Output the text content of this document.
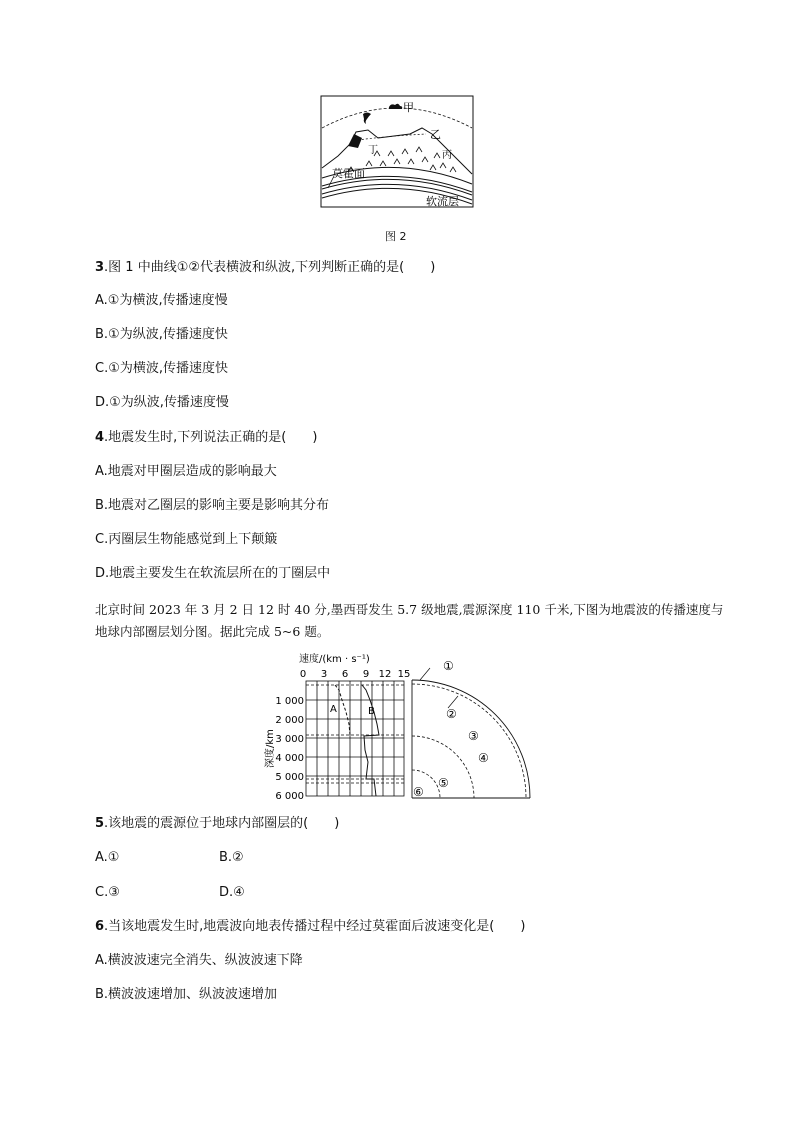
甲
乙
丙
丁
莫霍面
软流层
图 2
3.图 1 中曲线①②代表横波和纵波,下列判断正确的是(　　)
A.①为横波,传播速度慢
B.①为纵波,传播速度快
C.①为横波,传播速度快
D.①为纵波,传播速度慢
4.地震发生时,下列说法正确的是(　　)
A.地震对甲圈层造成的影响最大
B.地震对乙圈层的影响主要是影响其分布
C.丙圈层生物能感觉到上下颠簸
D.地震主要发生在软流层所在的丁圈层中
北京时间 2023 年 3 月 2 日 12 时 40 分,墨西哥发生 5.7 级地震,震源深度 110 千米,下图为地震波的传播速度与地球内部圈层划分图。据此完成 5~6 题。
速度/(km · s⁻¹)
0 3 6 9 12 15
A	B
1 000
2 000
3 000
4 000
5 000
6 000
深度/km
①
②
③
④
⑤
⑥
5.该地震的震源位于地球内部圈层的(　　)
A.①	B.②
C.③	D.④
6.当该地震发生时,地震波向地表传播过程中经过莫霍面后波速变化是(　　)
A.横波波速完全消失、纵波波速下降
B.横波波速增加、纵波波速增加
